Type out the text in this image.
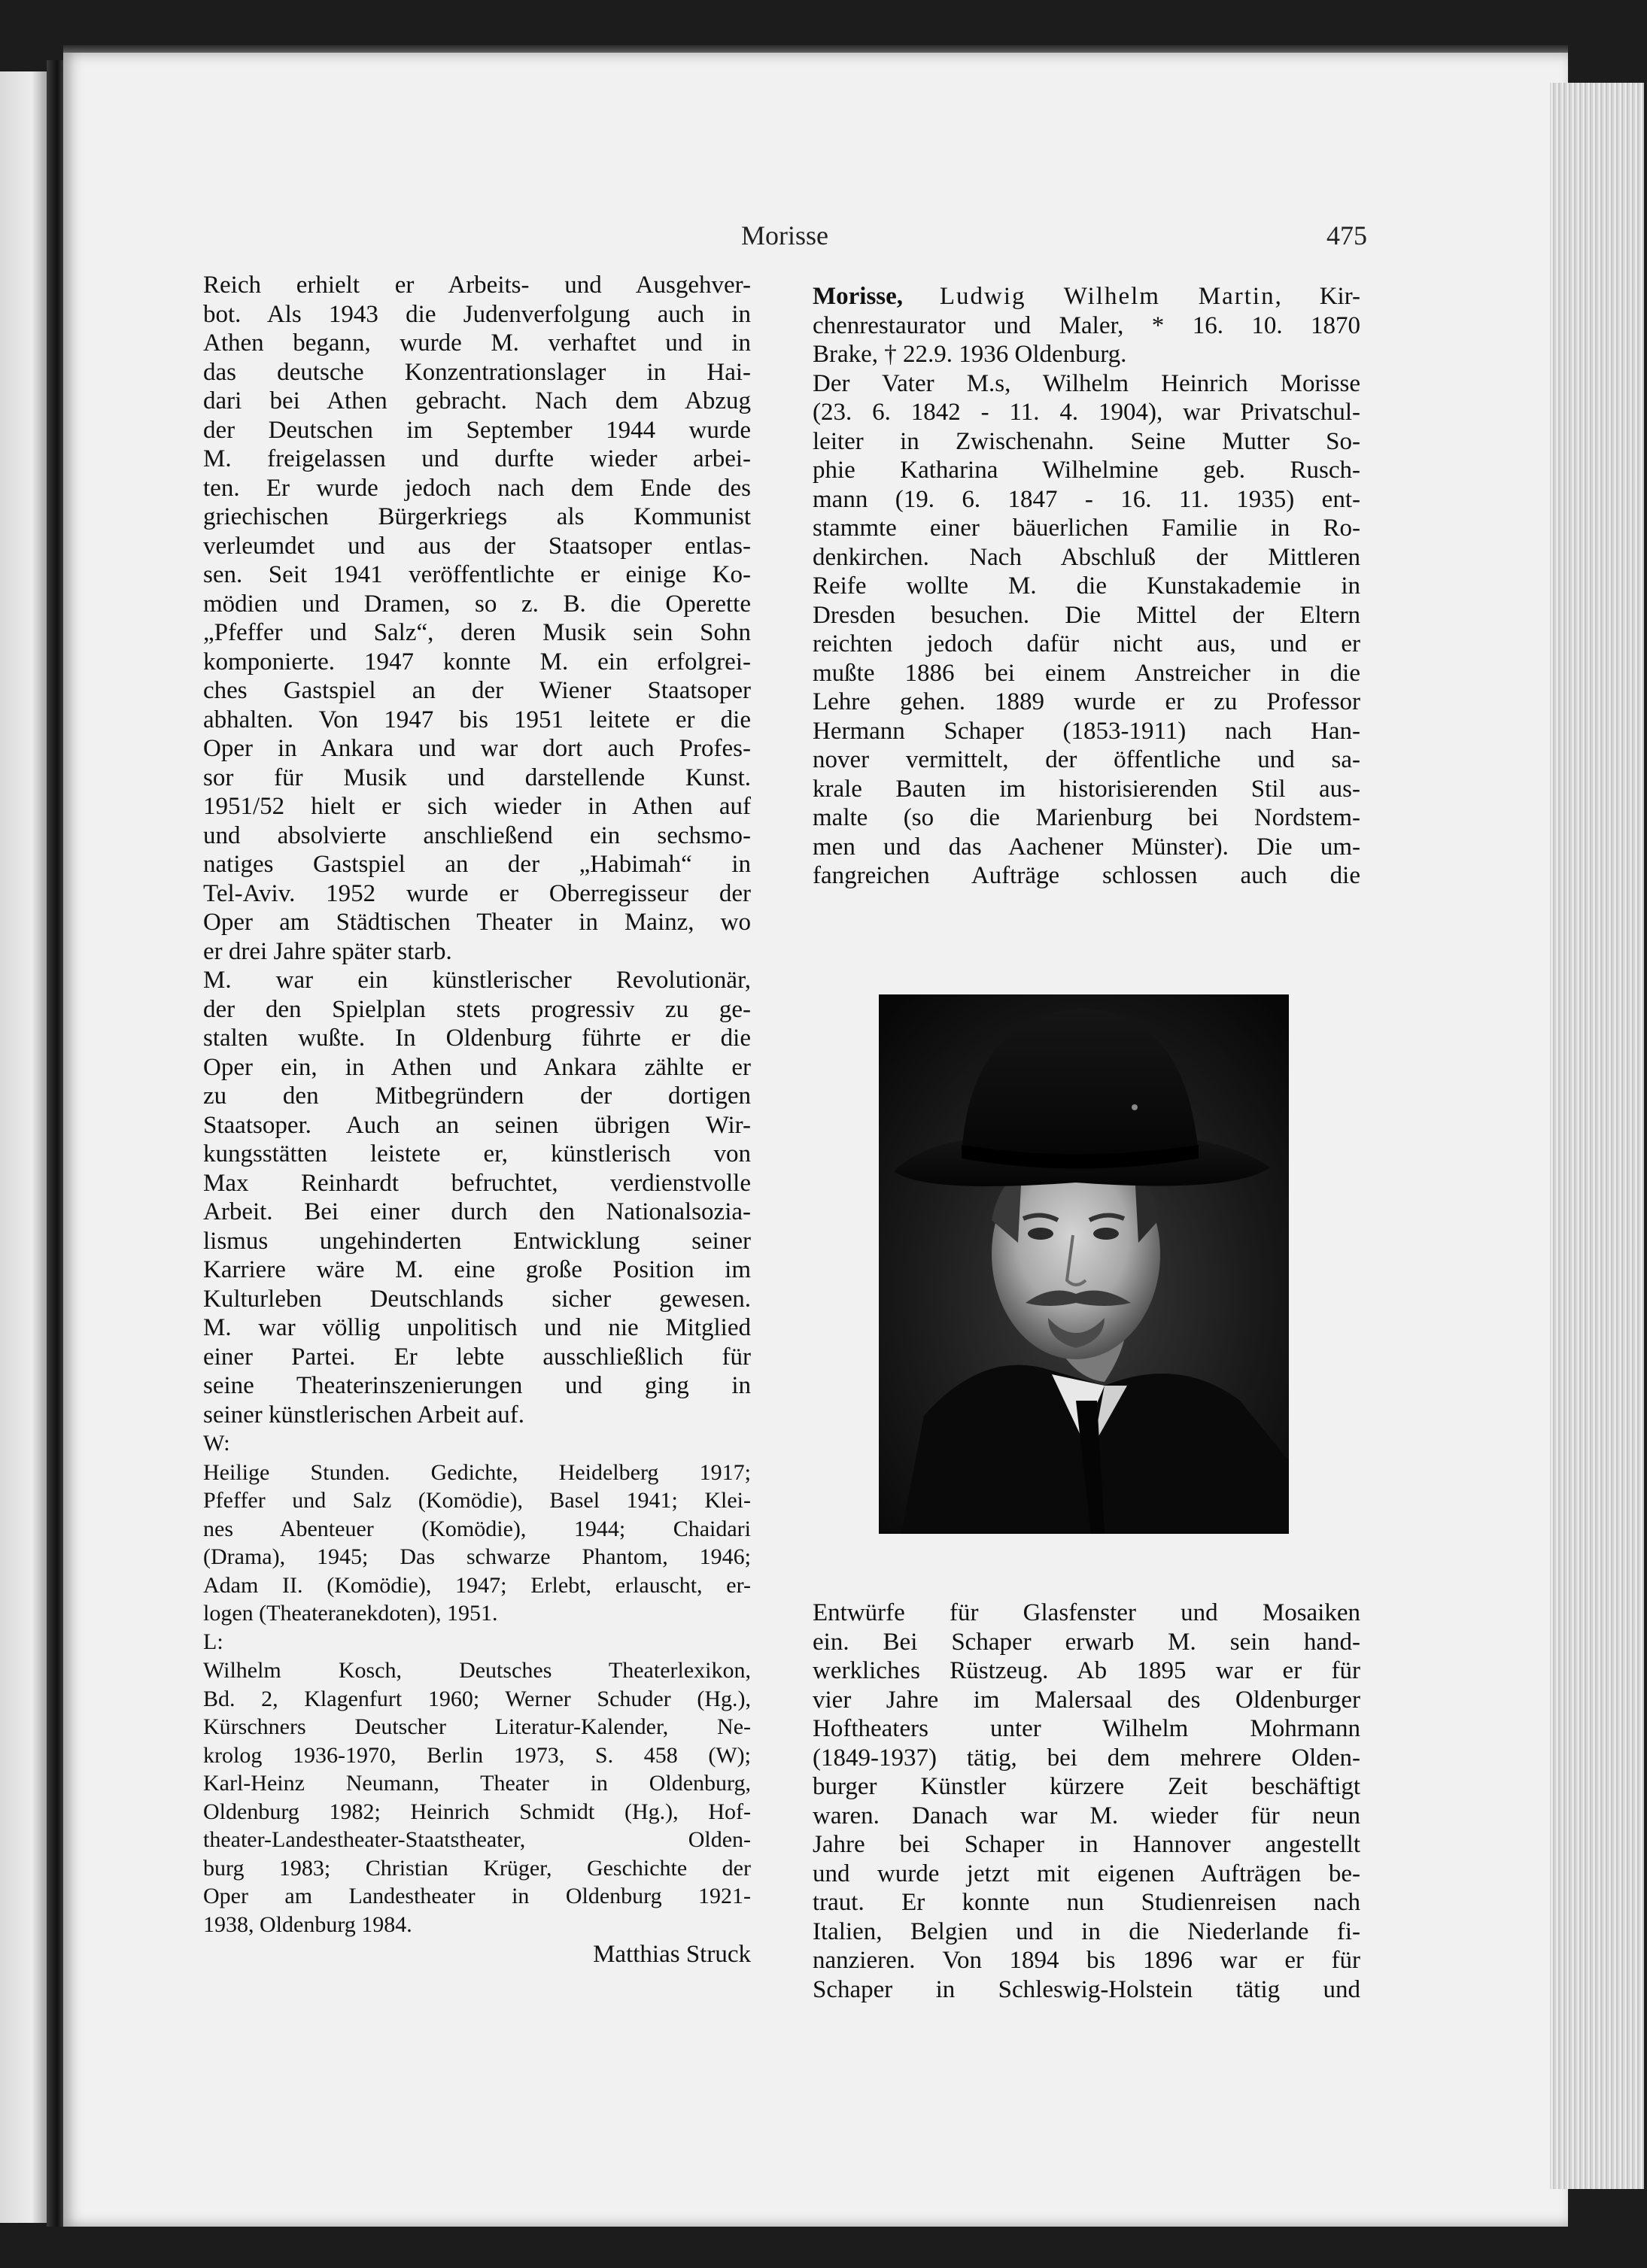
Morisse	475
Reich erhielt er Arbeits- und Ausgehver-
bot. Als 1943 die Judenverfolgung auch in
Athen begann, wurde M. verhaftet und in
das deutsche Konzentrationslager in Hai-
dari bei Athen gebracht. Nach dem Abzug
der Deutschen im September 1944 wurde
M. freigelassen und durfte wieder arbei-
ten. Er wurde jedoch nach dem Ende des
griechischen Bürgerkriegs als Kommunist
verleumdet und aus der Staatsoper entlas-
sen. Seit 1941 veröffentlichte er einige Ko-
mödien und Dramen, so z. B. die Operette
„Pfeffer und Salz“, deren Musik sein Sohn
komponierte. 1947 konnte M. ein erfolgrei-
ches Gastspiel an der Wiener Staatsoper
abhalten. Von 1947 bis 1951 leitete er die
Oper in Ankara und war dort auch Profes-
sor für Musik und darstellende Kunst.
1951/52 hielt er sich wieder in Athen auf
und absolvierte anschließend ein sechsmo-
natiges Gastspiel an der „Habimah“ in
Tel-Aviv. 1952 wurde er Oberregisseur der
Oper am Städtischen Theater in Mainz, wo
er drei Jahre später starb.
M. war ein künstlerischer Revolutionär,
der den Spielplan stets progressiv zu ge-
stalten wußte. In Oldenburg führte er die
Oper ein, in Athen und Ankara zählte er
zu den Mitbegründern der dortigen
Staatsoper. Auch an seinen übrigen Wir-
kungsstätten leistete er, künstlerisch von
Max Reinhardt befruchtet, verdienstvolle
Arbeit. Bei einer durch den Nationalsozia-
lismus ungehinderten Entwicklung seiner
Karriere wäre M. eine große Position im
Kulturleben Deutschlands sicher gewesen.
M. war völlig unpolitisch und nie Mitglied
einer Partei. Er lebte ausschließlich für
seine Theaterinszenierungen und ging in
seiner künstlerischen Arbeit auf.
W:
Heilige Stunden. Gedichte, Heidelberg 1917;
Pfeffer und Salz (Komödie), Basel 1941; Klei-
nes Abenteuer (Komödie), 1944; Chaidari
(Drama), 1945; Das schwarze Phantom, 1946;
Adam II. (Komödie), 1947; Erlebt, erlauscht, er-
logen (Theateranekdoten), 1951.
L:
Wilhelm Kosch, Deutsches Theaterlexikon,
Bd. 2, Klagenfurt 1960; Werner Schuder (Hg.),
Kürschners Deutscher Literatur-Kalender, Ne-
krolog 1936-1970, Berlin 1973, S. 458 (W);
Karl-Heinz Neumann, Theater in Oldenburg,
Oldenburg 1982; Heinrich Schmidt (Hg.), Hof-
theater-Landestheater-Staatstheater, Olden-
burg 1983; Christian Krüger, Geschichte der
Oper am Landestheater in Oldenburg 1921-
1938, Oldenburg 1984.
Matthias Struck
Morisse, Ludwig Wilhelm Martin, Kir-
chenrestaurator und Maler, * 16. 10. 1870
Brake, † 22.9. 1936 Oldenburg.
Der Vater M.s, Wilhelm Heinrich Morisse
(23. 6. 1842 - 11. 4. 1904), war Privatschul-
leiter in Zwischenahn. Seine Mutter So-
phie Katharina Wilhelmine geb. Rusch-
mann (19. 6. 1847 - 16. 11. 1935) ent-
stammte einer bäuerlichen Familie in Ro-
denkirchen. Nach Abschluß der Mittleren
Reife wollte M. die Kunstakademie in
Dresden besuchen. Die Mittel der Eltern
reichten jedoch dafür nicht aus, und er
mußte 1886 bei einem Anstreicher in die
Lehre gehen. 1889 wurde er zu Professor
Hermann Schaper (1853-1911) nach Han-
nover vermittelt, der öffentliche und sa-
krale Bauten im historisierenden Stil aus-
malte (so die Marienburg bei Nordstem-
men und das Aachener Münster). Die um-
fangreichen Aufträge schlossen auch die
Entwürfe für Glasfenster und Mosaiken
ein. Bei Schaper erwarb M. sein hand-
werkliches Rüstzeug. Ab 1895 war er für
vier Jahre im Malersaal des Oldenburger
Hoftheaters unter Wilhelm Mohrmann
(1849-1937) tätig, bei dem mehrere Olden-
burger Künstler kürzere Zeit beschäftigt
waren. Danach war M. wieder für neun
Jahre bei Schaper in Hannover angestellt
und wurde jetzt mit eigenen Aufträgen be-
traut. Er konnte nun Studienreisen nach
Italien, Belgien und in die Niederlande fi-
nanzieren. Von 1894 bis 1896 war er für
Schaper in Schleswig-Holstein tätig und
